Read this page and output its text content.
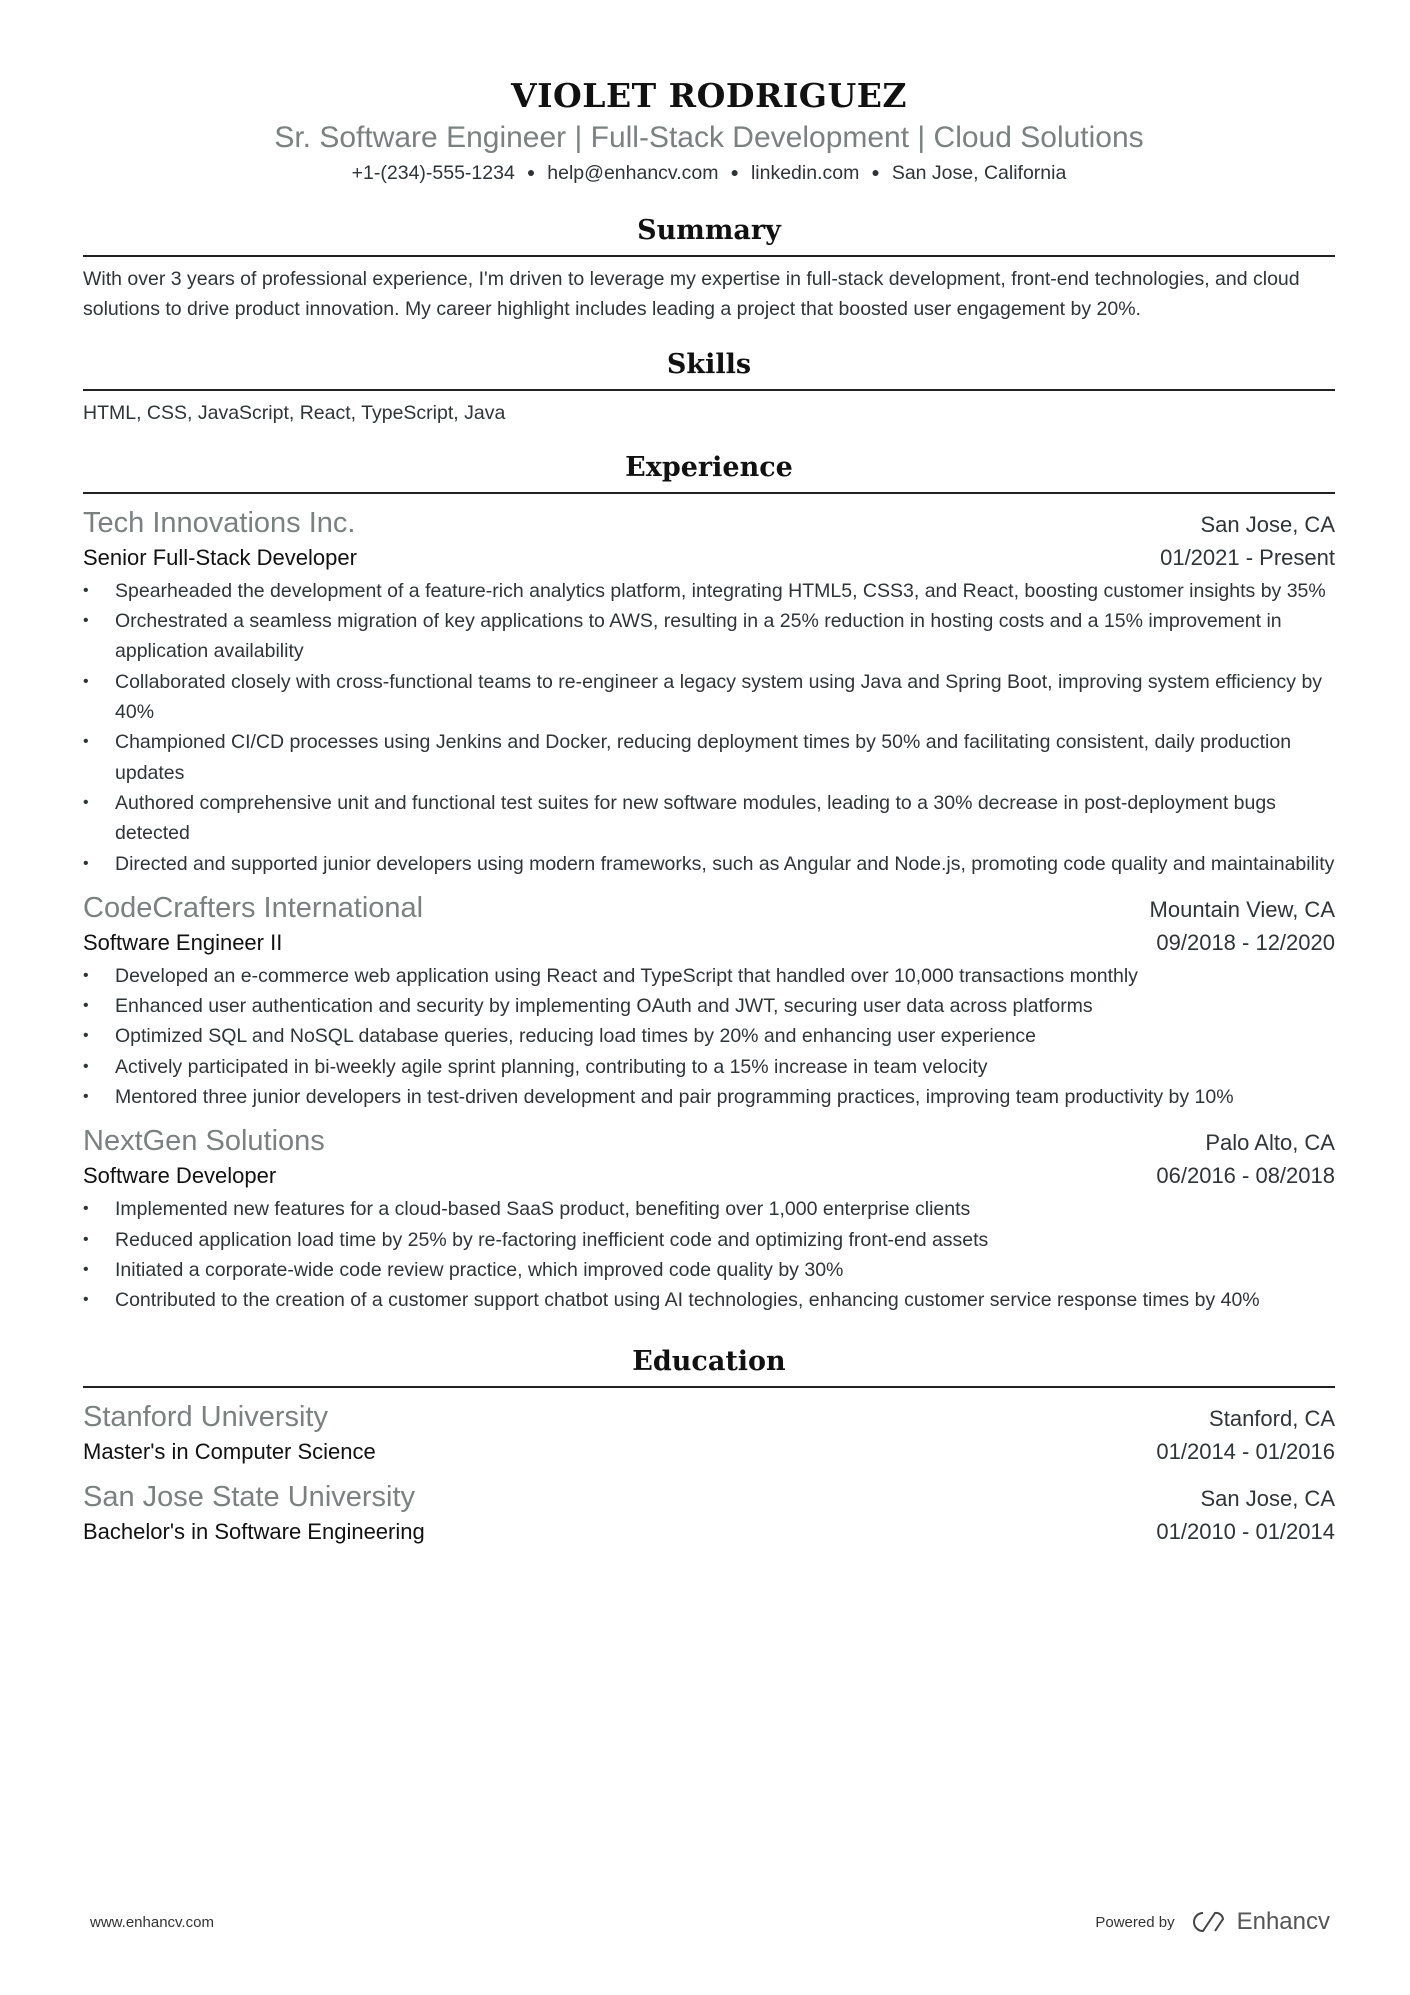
VIOLET RODRIGUEZ
Sr. Software Engineer | Full-Stack Development | Cloud Solutions
+1-(234)-555-1234 ● help@enhancv.com ● linkedin.com ● San Jose, California
Summary
With over 3 years of professional experience, I'm driven to leverage my expertise in full-stack development, front-end technologies, and cloud solutions to drive product innovation. My career highlight includes leading a project that boosted user engagement by 20%.
Skills
HTML, CSS, JavaScript, React, TypeScript, Java
Experience
Tech Innovations Inc.	San Jose, CA
Senior Full-Stack Developer	01/2021 - Present
• Spearheaded the development of a feature-rich analytics platform, integrating HTML5, CSS3, and React, boosting customer insights by 35%
• Orchestrated a seamless migration of key applications to AWS, resulting in a 25% reduction in hosting costs and a 15% improvement in application availability
• Collaborated closely with cross-functional teams to re-engineer a legacy system using Java and Spring Boot, improving system efficiency by 40%
• Championed CI/CD processes using Jenkins and Docker, reducing deployment times by 50% and facilitating consistent, daily production updates
• Authored comprehensive unit and functional test suites for new software modules, leading to a 30% decrease in post-deployment bugs detected
• Directed and supported junior developers using modern frameworks, such as Angular and Node.js, promoting code quality and maintainability
CodeCrafters International	Mountain View, CA
Software Engineer II	09/2018 - 12/2020
• Developed an e-commerce web application using React and TypeScript that handled over 10,000 transactions monthly
• Enhanced user authentication and security by implementing OAuth and JWT, securing user data across platforms
• Optimized SQL and NoSQL database queries, reducing load times by 20% and enhancing user experience
• Actively participated in bi-weekly agile sprint planning, contributing to a 15% increase in team velocity
• Mentored three junior developers in test-driven development and pair programming practices, improving team productivity by 10%
NextGen Solutions	Palo Alto, CA
Software Developer	06/2016 - 08/2018
• Implemented new features for a cloud-based SaaS product, benefiting over 1,000 enterprise clients
• Reduced application load time by 25% by re-factoring inefficient code and optimizing front-end assets
• Initiated a corporate-wide code review practice, which improved code quality by 30%
• Contributed to the creation of a customer support chatbot using AI technologies, enhancing customer service response times by 40%
Education
Stanford University	Stanford, CA
Master's in Computer Science	01/2014 - 01/2016
San Jose State University	San Jose, CA
Bachelor's in Software Engineering	01/2010 - 01/2014
www.enhancv.com	Powered by	Enhancv
